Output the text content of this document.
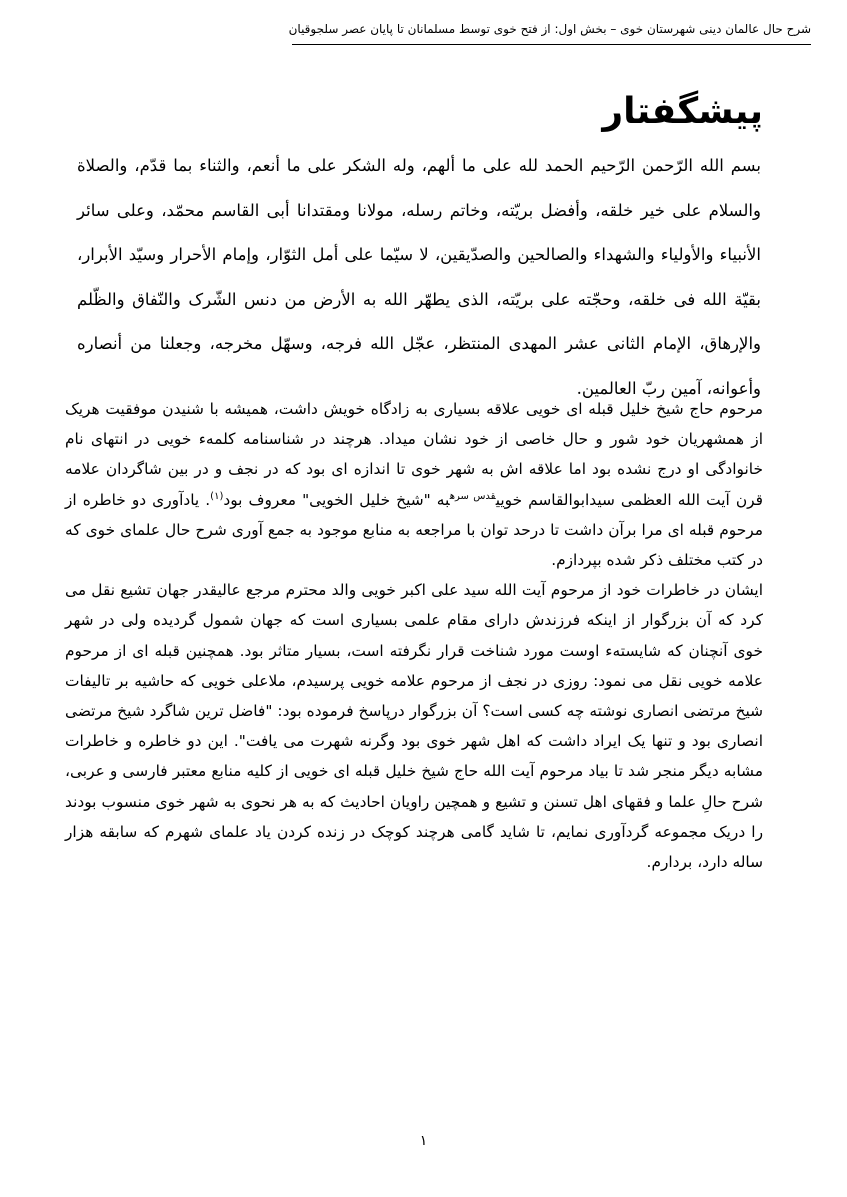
شرح حال عالمان دینی شهرستان خوی – بخش اول: از فتح خوی توسط مسلمانان تا پایان عصر سلجوقیان
پیشگفتار

بسم الله الرّحمن الرّحیم الحمد لله علی ما ألهم، وله الشکر علی ما أنعم، والثناء بما قدّم، والصلاة والسلام علی خیر خلقه، وأفضل بریّته، وخاتم رسله، مولانا ومقتدانا أبی القاسم محمّد، وعلی سائر الأنبیاء والأولیاء والشهداء والصالحین والصدّیقین، لا سیّما علی أمل الثوّار، وإمام الأحرار وسیّد الأبرار، بقیّة الله فی خلقه، وحجّته علی بریّته، الذی یطهّر الله به الأرض من دنس الشّرک والنّفاق والظّلم والإرهاق، الإمام الثانی عشر المهدی المنتظر، عجّل الله فرجه، وسهّل مخرجه، وجعلنا من أنصاره وأعوانه، آمین ربّ العالمین.

مرحوم حاج شیخ خلیل قبله ای خویی علاقه بسیاری به زادگاه خویش داشت، همیشه با شنیدن موفقیت هریک از همشهریان خود شور و حال خاصی از خود نشان میداد. هرچند در شناسنامه کلمهء خویی در انتهای نام خانوادگی او درج نشده بود اما علاقه اش به شهر خوی تا اندازه ای بود که در نجف و در بین شاگردان علامه قرن آیت الله العظمی سیدابوالقاسم خویی$^{قدس سره}$به "شیخ خلیل الخویی" معروف بود$^{(١)}$. یادآوری دو خاطره از مرحوم قبله ای مرا برآن داشت تا درحد توان با مراجعه به منابع موجود به جمع آوری شرح حال علمای خوی که در کتب مختلف ذکر شده بپردازم.

ایشان در خاطرات خود از مرحوم آیت الله سید علی اکبر خویی والد محترم مرجع عالیقدر جهان تشیع نقل می کرد که آن بزرگوار از اینکه فرزندش دارای مقام علمی بسیاری است که جهان شمول گردیده ولی در شهر خوی آنچنان که شایستهء اوست مورد شناخت قرار نگرفته است، بسیار متاثر بود. همچنین قبله ای از مرحوم علامه خویی نقل می نمود: روزی در نجف از مرحوم علامه خویی پرسیدم، ملاعلی خویی که حاشیه بر تالیفات شیخ مرتضی انصاری نوشته چه کسی است؟ آن بزرگوار درپاسخ فرموده بود: "فاضل ترین شاگرد شیخ مرتضی انصاری بود و تنها یک ایراد داشت که اهل شهر خوی بود وگرنه شهرت می یافت". این دو خاطره و خاطرات مشابه دیگر منجر شد تا بیاد مرحوم آیت الله حاج شیخ خلیل قبله ای خویی از کلیه منابع معتبر فارسی و عربی، شرح حالِ علما و فقهای اهل تسنن و تشیع و همچین راویان احادیث که به هر نحوی به شهر خوی منسوب بودند را دریک مجموعه گردآوری نمایم، تا شاید گامی هرچند کوچک در زنده کردن یاد علمای شهرم که سابقه هزار ساله دارد، بردارم.

١
